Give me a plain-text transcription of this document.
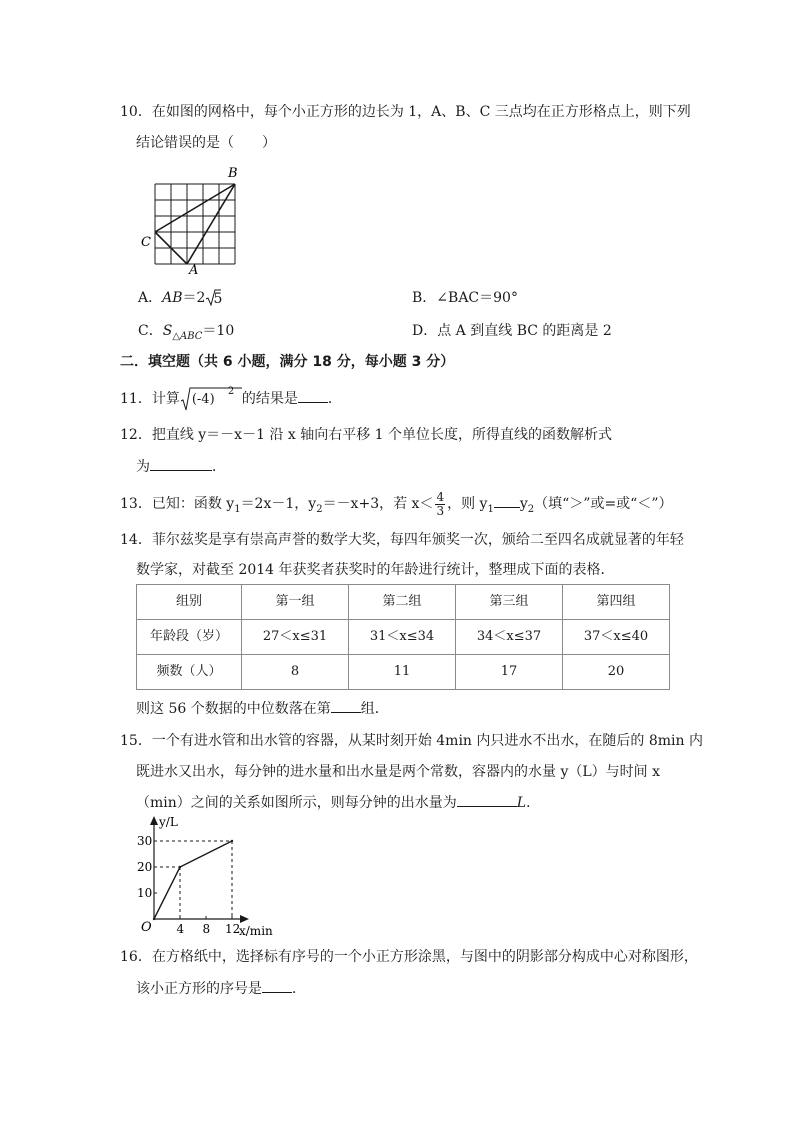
10．在如图的网格中，每个小正方形的边长为 1，A、B、C 三点均在正方形格点上，则下列
结论错误的是（　　）
B
C
A
A．AB＝2 5	B．∠BAC＝90°
C．$S_{\triangle ABC}=10$	D．点 A 到直线 BC 的距离是 2
二．填空题（共 6 小题，满分 18 分，每小题 3 分）
11．计算 (-4)
2 的结果是 ．
12．把直线 y＝－x－1 沿 x 轴向右平移 1 个单位长度，所得直线的函数解析式
为	．
13．已知：函数 $y_1=2x-1$，$y_2=-x+3$，若 $x< \frac{4}{3}$ ，则 $y_1$ $y_2$（填“＞”或=或“＜”）
14．菲尔兹奖是享有崇高声誉的数学大奖，每四年颁奖一次，颁给二至四名成就显著的年轻
数学家，对截至 2014 年获奖者获奖时的年龄进行统计，整理成下面的表格．
组别	第一组	第二组	第三组	第四组
年龄段（岁）	27＜x≤31	31＜x≤34	34＜x≤37	37＜x≤40
频数（人）	8	11	17	20
则这 56 个数据的中位数落在第 组．
15．一个有进水管和出水管的容器，从某时刻开始 4min 内只进水不出水，在随后的 8min 内
既进水又出水，每分钟的进水量和出水量是两个常数，容器内的水量 y（L）与时间 x
（min）之间的关系如图所示，则每分钟的出水量为	L．
y/L
x/min
O
10
20
30
4 8 12
16．在方格纸中，选择标有序号的一个小正方形涂黑，与图中的阴影部分构成中心对称图形，
该小正方形的序号是 ．
